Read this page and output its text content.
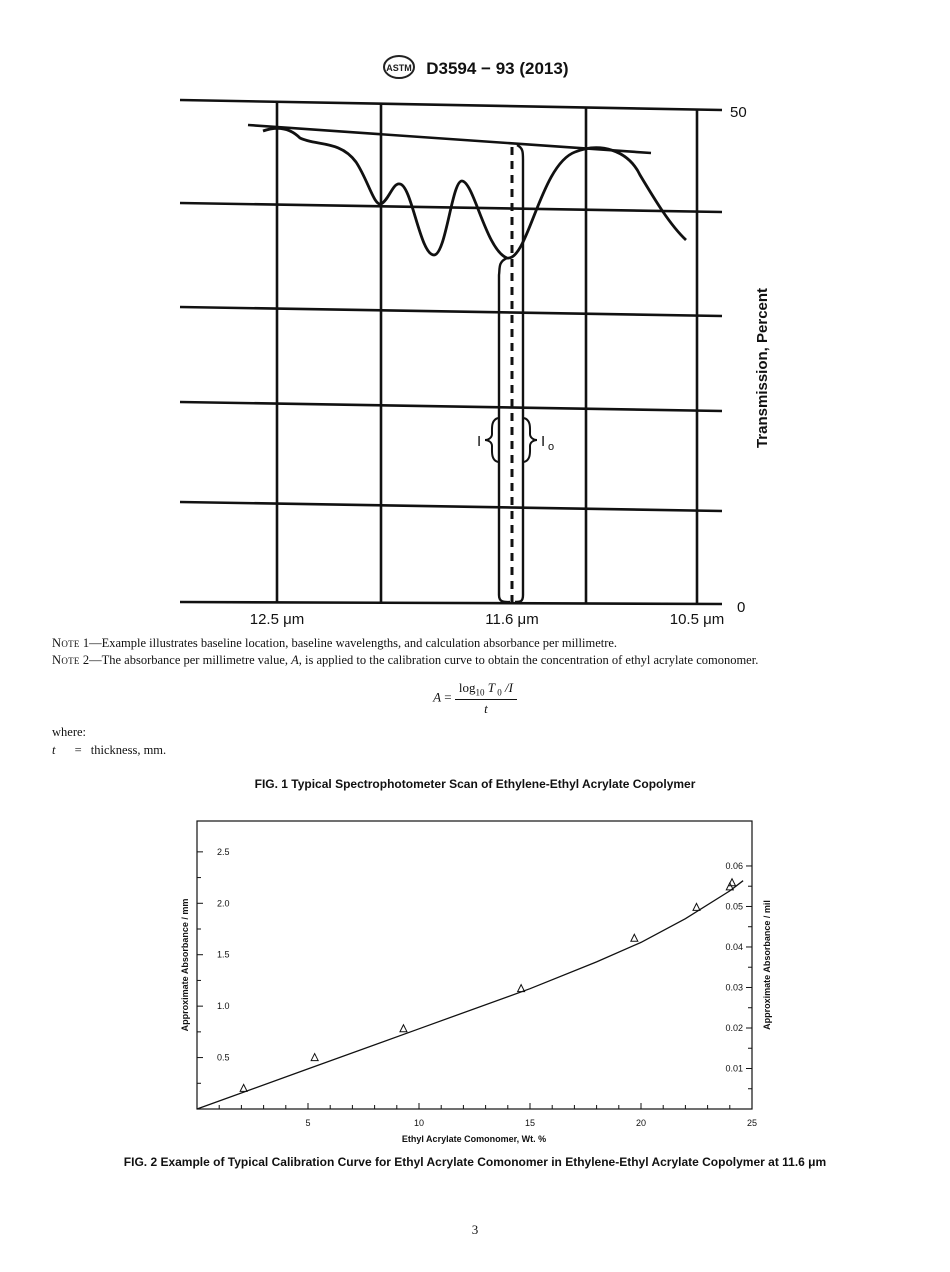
ASTM D3594 − 93 (2013)
I	I o
50
0
Transmission, Percent
12.5 μm	11.6 μm	10.5 μm
Note 1—Example illustrates baseline location, baseline wavelengths, and calculation absorbance per millimetre.
Note 2—The absorbance per millimetre value, A, is applied to the calibration curve to obtain the concentration of ethyl acrylate comonomer.
$A = \frac{\log_{10} T _0 /I}{t}$
where:
t = thickness, mm.
FIG. 1 Typical Spectrophotometer Scan of Ethylene-Ethyl Acrylate Copolymer
5	10	15	20	25
0.5
1.0
1.5
2.0
2.5
0.01
0.02
0.03
0.04
0.05
0.06
Ethyl Acrylate Comonomer, Wt. %
Approximate Absorbance / mm	Approximate Absorbance / mil
FIG. 2 Example of Typical Calibration Curve for Ethyl Acrylate Comonomer in Ethylene-Ethyl Acrylate Copolymer at 11.6 μm
3
